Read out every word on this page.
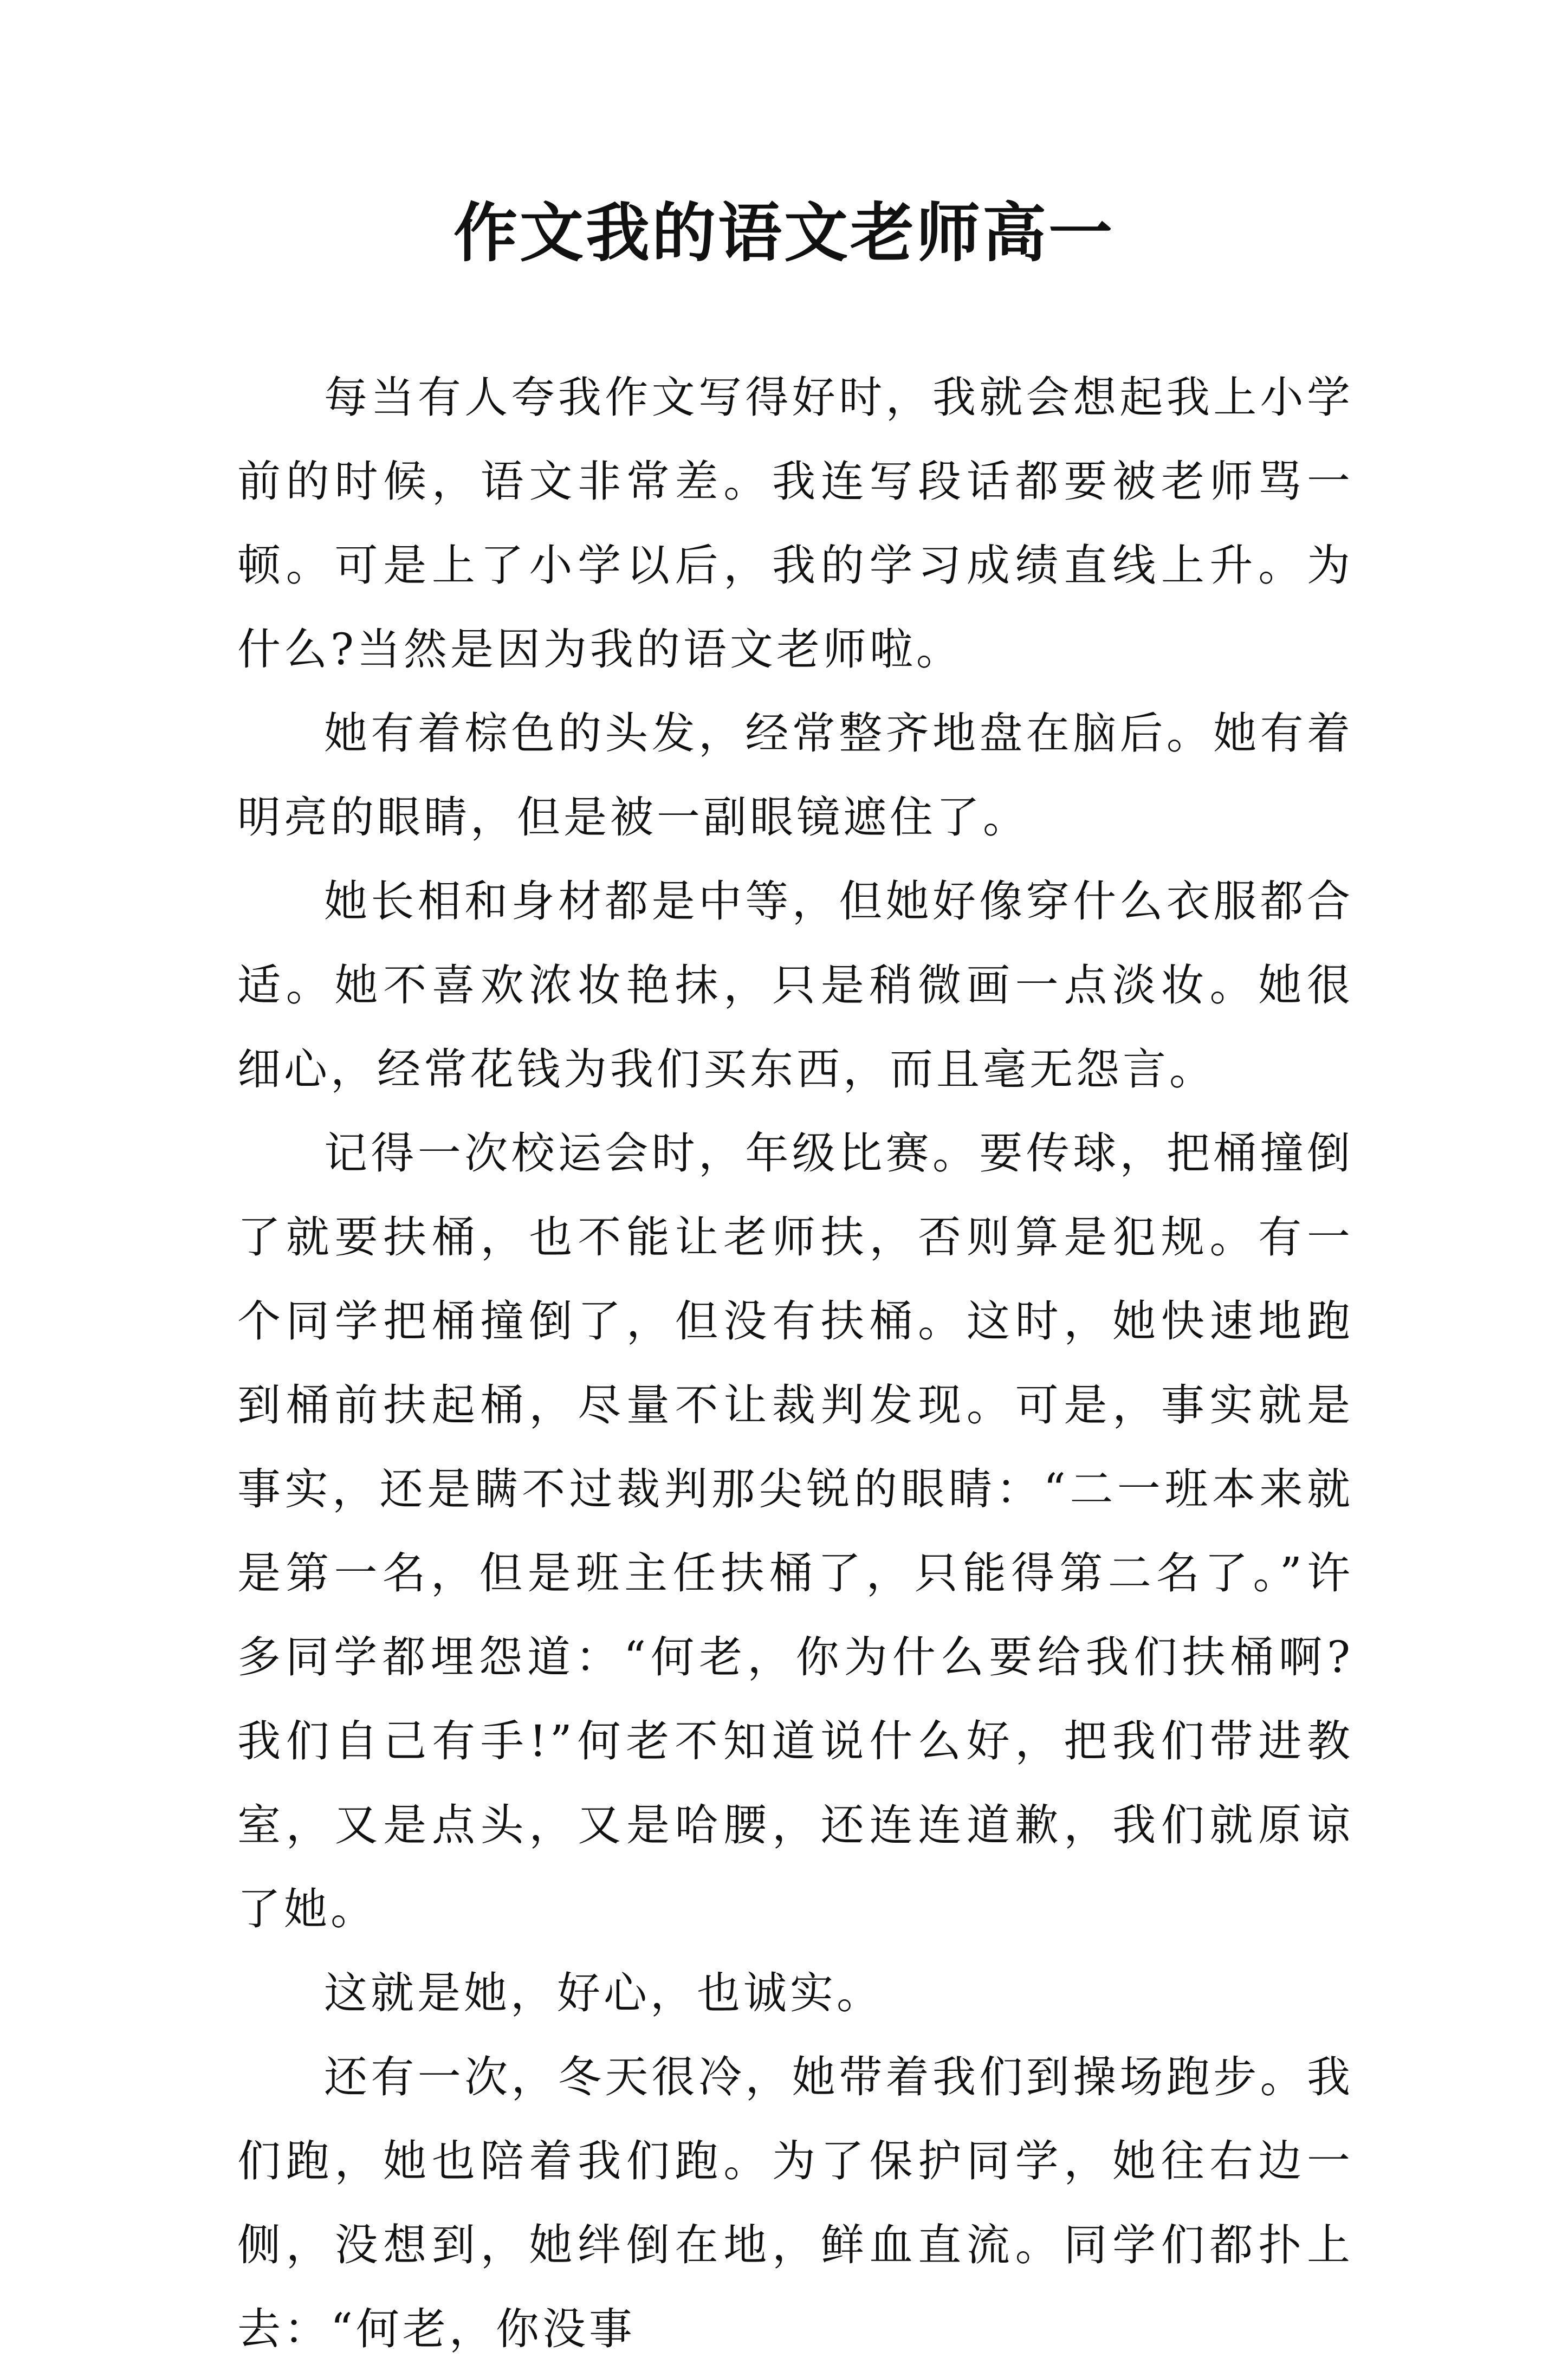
作文我的语文老师高一

每当有人夸我作文写得好时，我就会想起我上小学前的时候，语文非常差。我连写段话都要被老师骂一顿。可是上了小学以后，我的学习成绩直线上升。为什么?当然是因为我的语文老师啦。

她有着棕色的头发，经常整齐地盘在脑后。她有着明亮的眼睛，但是被一副眼镜遮住了。

她长相和身材都是中等，但她好像穿什么衣服都合适。她不喜欢浓妆艳抹，只是稍微画一点淡妆。她很细心，经常花钱为我们买东西，而且毫无怨言。

记得一次校运会时，年级比赛。要传球，把桶撞倒了就要扶桶，也不能让老师扶，否则算是犯规。有一个同学把桶撞倒了，但没有扶桶。这时，她快速地跑到桶前扶起桶，尽量不让裁判发现。可是，事实就是事实，还是瞒不过裁判那尖锐的眼睛：“二一班本来就是第一名，但是班主任扶桶了，只能得第二名了。”许多同学都埋怨道：“何老，你为什么要给我们扶桶啊?我们自己有手!”何老不知道说什么好，把我们带进教室，又是点头，又是哈腰，还连连道歉，我们就原谅了她。

这就是她，好心，也诚实。

还有一次，冬天很冷，她带着我们到操场跑步。我们跑，她也陪着我们跑。为了保护同学，她往右边一侧，没想到，她绊倒在地，鲜血直流。同学们都扑上去：“何老，你没事
